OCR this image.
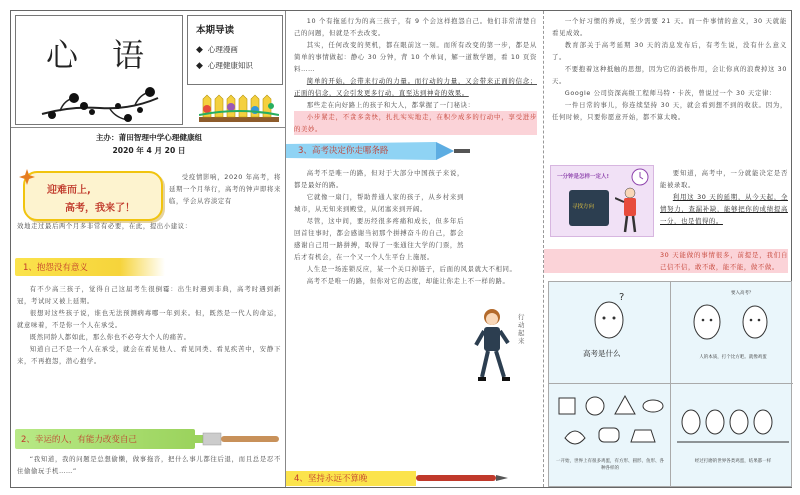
心语
本期导读
◆ 心理漫画
◆ 心理健康知识
主办：莆田智理中学心理健康组
2020 年 4 月 20 日
迎难而上,
高考，我来了！

受疫情影响，2020 年高考，将延期一个月举行，高考的钟声即将来临，学会从容淡定有

效地走过最后两个月多非常有必要，在此，提出小建议：

1、抱怨没有意义

有不少高三孩子，觉得自己这届考生很倒霉：出生时遇到非典，高考时遇到新冠，考试时又被上延期。

很想对这些孩子说，谁也无法预测病毒哪一年到来。但，既然是一代人的命运，就意味着，不是你一个人在承受。

既然同龄人都如此，那么你也不必夸大个人的痛苦。

知道自己不是一个人在承受，就会在看见他人、看见同类、看见疾苦中，安静下来，不再抱怨，潜心抱学。

2、幸运的人，有能力改变自己

“我知道，我的问题是总想偷懒，做事拖沓，把什么事儿都往后退，而且总是忍不住偷偷玩手机……”

10 个有拖延行为的高三孩子，有 9 个会这样抱怨自己。他们非常清楚自己的问题，但就是不去改变。

其实，任何改变的契机，都在眼前这一刻。而所有改变的第一步，都是从简单的事情做起：静心 30 分钟，背 10 个单词，解一道数学题，看 10 页资料……

简单的开始，会带来行动的力量。而行动的力量，又会带来正面的信念；正面的信念，又会引发更多行动，直至达到神奇的效果。

那些走在向好路上的孩子和大人，都掌握了一门秘诀：

小步紧走，不贪多贪快，扎扎实实地走，在积少成多的行动中，享受进步的美妙。

3、高考决定你走哪条路

高考不是唯一的路，但对于大部分中国孩子来说，都是最好的路。

它就像一扇门，帮助普通人家的孩子，从乡村来到城市，从无知来到殿堂，从闭塞来到开阔。

尽管，这中间，要历经很多疼痛和成长，但多年后回首往事时，都会感谢当初那个拼搏奋斗的自己，都会感谢自己用一路拼搏，取得了一张通往大学的门票，然后才有机会，在一个又一个人生平台上施展。

人生是一场连锁反应，某一个关口掉链子，后面的风景就大不相同。

高考不是唯一的路，但你对它的态度，却能让你走上不一样的路。

行动起来
4、坚持永远不算晚

一个好习惯的养成，至少需要 21 天。而一件事情的意义，30 天就能看见成效。

教育部关于高考延期 30 天的消息发布后，有考生说，没有什么意义了。

不要抱着这种抵触的思想，因为它的消极作用，会让你真的浪费掉这 30 天。

Google 公司资深高级工程师马特・卡茨，曾说过一个 30 天定律：

一件日常的事儿，你连续坚持 30 天，就会看到想不到的收获。因为，任何时候，只要你愿意开始，都不算太晚。

一分钟是怎样一定人!
寻找方向

要知道，高考中，一分就能决定是否能被录取。

利用这 30 天的延期，从今天起，全情努力，查漏补缺，能够把你的成绩提高一分，也是值得的。

30 天能做的事情很多，前提是，我们自己信不信，敢不敢，能不能，做不做。

?
高考是什么
要入高考？
人的本质，打个比方吧。就像鸡蛋
一开始，世界上有很多鸡蛋，有方形、圆形、鱼形、各种各样的
经过打磨的世界各类鸡蛋，结果都一样
